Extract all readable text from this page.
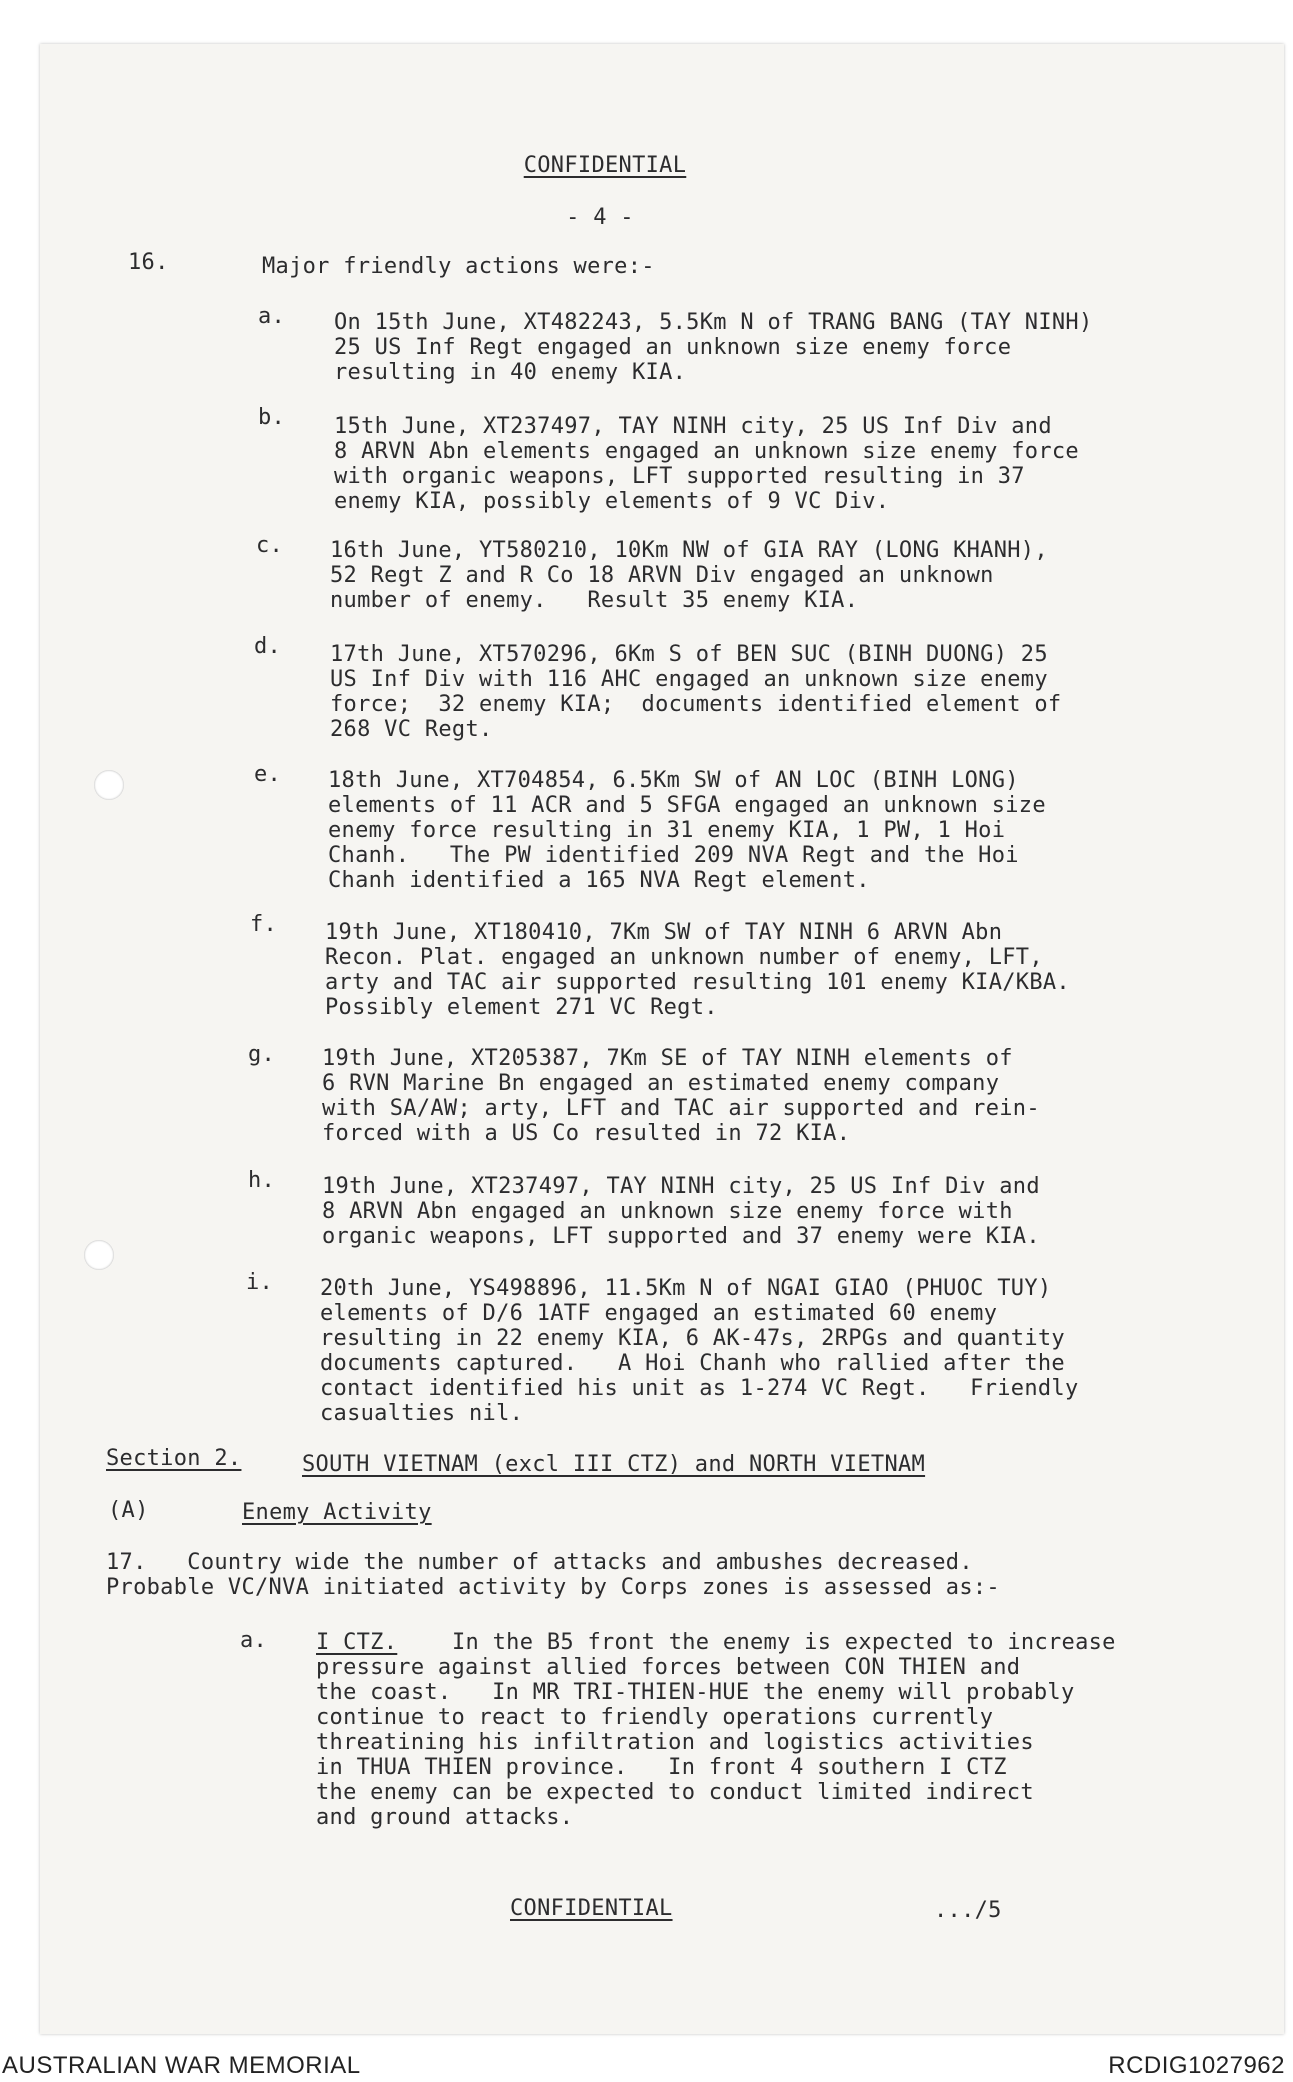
CONFIDENTIAL
- 4 -
16.	Major friendly actions were:-
a. On 15th June, XT482243, 5.5Km N of TRANG BANG (TAY NINH)
25 US Inf Regt engaged an unknown size enemy force
resulting in 40 enemy KIA.
b. 15th June, XT237497, TAY NINH city, 25 US Inf Div and
8 ARVN Abn elements engaged an unknown size enemy force
with organic weapons, LFT supported resulting in 37
enemy KIA, possibly elements of 9 VC Div.
c. 16th June, YT580210, 10Km NW of GIA RAY (LONG KHANH),
52 Regt Z and R Co 18 ARVN Div engaged an unknown
number of enemy.   Result 35 enemy KIA.
d. 17th June, XT570296, 6Km S of BEN SUC (BINH DUONG) 25
US Inf Div with 116 AHC engaged an unknown size enemy
force;  32 enemy KIA;  documents identified element of
268 VC Regt.
e. 18th June, XT704854, 6.5Km SW of AN LOC (BINH LONG)
elements of 11 ACR and 5 SFGA engaged an unknown size
enemy force resulting in 31 enemy KIA, 1 PW, 1 Hoi
Chanh.   The PW identified 209 NVA Regt and the Hoi
Chanh identified a 165 NVA Regt element.
f. 19th June, XT180410, 7Km SW of TAY NINH 6 ARVN Abn
Recon. Plat. engaged an unknown number of enemy, LFT,
arty and TAC air supported resulting 101 enemy KIA/KBA.
Possibly element 271 VC Regt.
g. 19th June, XT205387, 7Km SE of TAY NINH elements of
6 RVN Marine Bn engaged an estimated enemy company
with SA/AW; arty, LFT and TAC air supported and rein-
forced with a US Co resulted in 72 KIA.
h. 19th June, XT237497, TAY NINH city, 25 US Inf Div and
8 ARVN Abn engaged an unknown size enemy force with
organic weapons, LFT supported and 37 enemy were KIA.
i. 20th June, YS498896, 11.5Km N of NGAI GIAO (PHUOC TUY)
elements of D/6 1ATF engaged an estimated 60 enemy
resulting in 22 enemy KIA, 6 AK-47s, 2RPGs and quantity
documents captured.   A Hoi Chanh who rallied after the
contact identified his unit as 1-274 VC Regt.   Friendly
casualties nil.
Section 2.	SOUTH VIETNAM (excl III CTZ) and NORTH VIETNAM
(A)	Enemy Activity
17.   Country wide the number of attacks and ambushes decreased.
Probable VC/NVA initiated activity by Corps zones is assessed as:-
a. I CTZ. In the B5 front the enemy is expected to increase
pressure against allied forces between CON THIEN and
the coast.   In MR TRI-THIEN-HUE the enemy will probably
continue to react to friendly operations currently
threatining his infiltration and logistics activities
in THUA THIEN province.   In front 4 southern I CTZ
the enemy can be expected to conduct limited indirect
and ground attacks.
CONFIDENTIAL	.../5
AUSTRALIAN WAR MEMORIAL	RCDIG1027962
